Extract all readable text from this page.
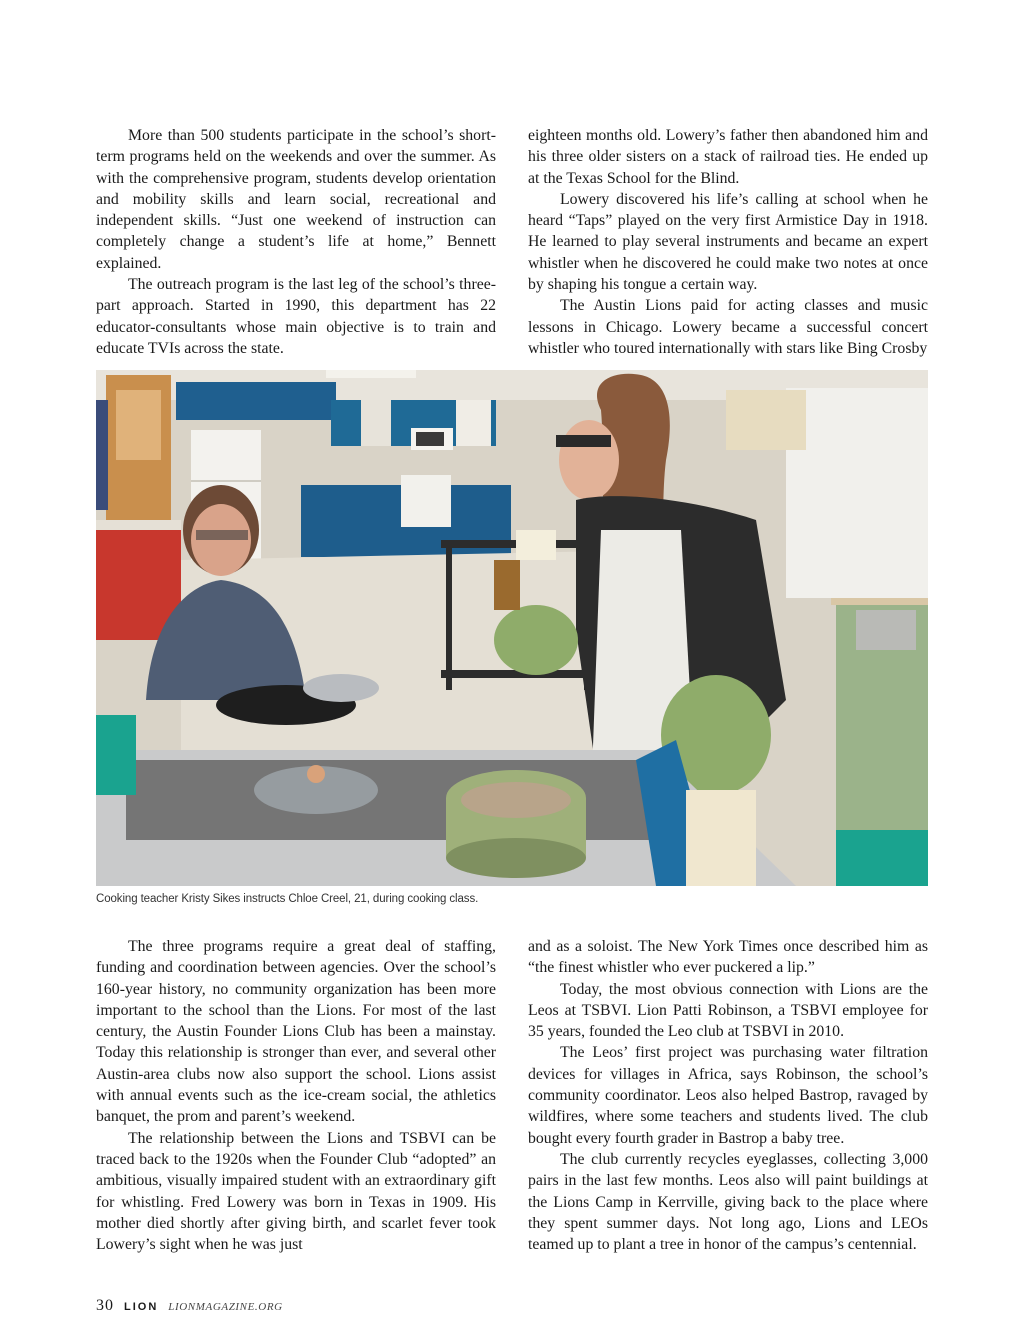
More than 500 students participate in the school’s short-term programs held on the weekends and over the summer. As with the comprehensive program, students develop orientation and mobility skills and learn social, recreational and independent skills. “Just one weekend of instruction can completely change a student’s life at home,” Bennett explained.

The outreach program is the last leg of the school’s three-part approach. Started in 1990, this department has 22 educator-consultants whose main objective is to train and educate TVIs across the state.

eighteen months old. Lowery’s father then abandoned him and his three older sisters on a stack of railroad ties. He ended up at the Texas School for the Blind.

Lowery discovered his life’s calling at school when he heard “Taps” played on the very first Armistice Day in 1918. He learned to play several instruments and became an expert whistler when he discovered he could make two notes at once by shaping his tongue a certain way.

The Austin Lions paid for acting classes and music lessons in Chicago. Lowery became a successful concert whistler who toured internationally with stars like Bing Crosby

Cooking teacher Kristy Sikes instructs Chloe Creel, 21, during cooking class.

The three programs require a great deal of staffing, funding and coordination between agencies. Over the school’s 160-year history, no community organization has been more important to the school than the Lions. For most of the last century, the Austin Founder Lions Club has been a mainstay. Today this relationship is stronger than ever, and several other Austin-area clubs now also support the school. Lions assist with annual events such as the ice-cream social, the athletics banquet, the prom and parent’s weekend.

The relationship between the Lions and TSBVI can be traced back to the 1920s when the Founder Club “adopted” an ambitious, visually impaired student with an extraordinary gift for whistling. Fred Lowery was born in Texas in 1909. His mother died shortly after giving birth, and scarlet fever took Lowery’s sight when he was just

and as a soloist. The New York Times once described him as “the finest whistler who ever puckered a lip.”

Today, the most obvious connection with Lions are the Leos at TSBVI. Lion Patti Robinson, a TSBVI employee for 35 years, founded the Leo club at TSBVI in 2010.

The Leos’ first project was purchasing water filtration devices for villages in Africa, says Robinson, the school’s community coordinator. Leos also helped Bastrop, ravaged by wildfires, where some teachers and students lived. The club bought every fourth grader in Bastrop a baby tree.

The club currently recycles eyeglasses, collecting 3,000 pairs in the last few months. Leos also will paint buildings at the Lions Camp in Kerrville, giving back to the place where they spent summer days. Not long ago, Lions and LEOs teamed up to plant a tree in honor of the campus’s centennial.

30 LION LIONMAGAZINE.ORG
